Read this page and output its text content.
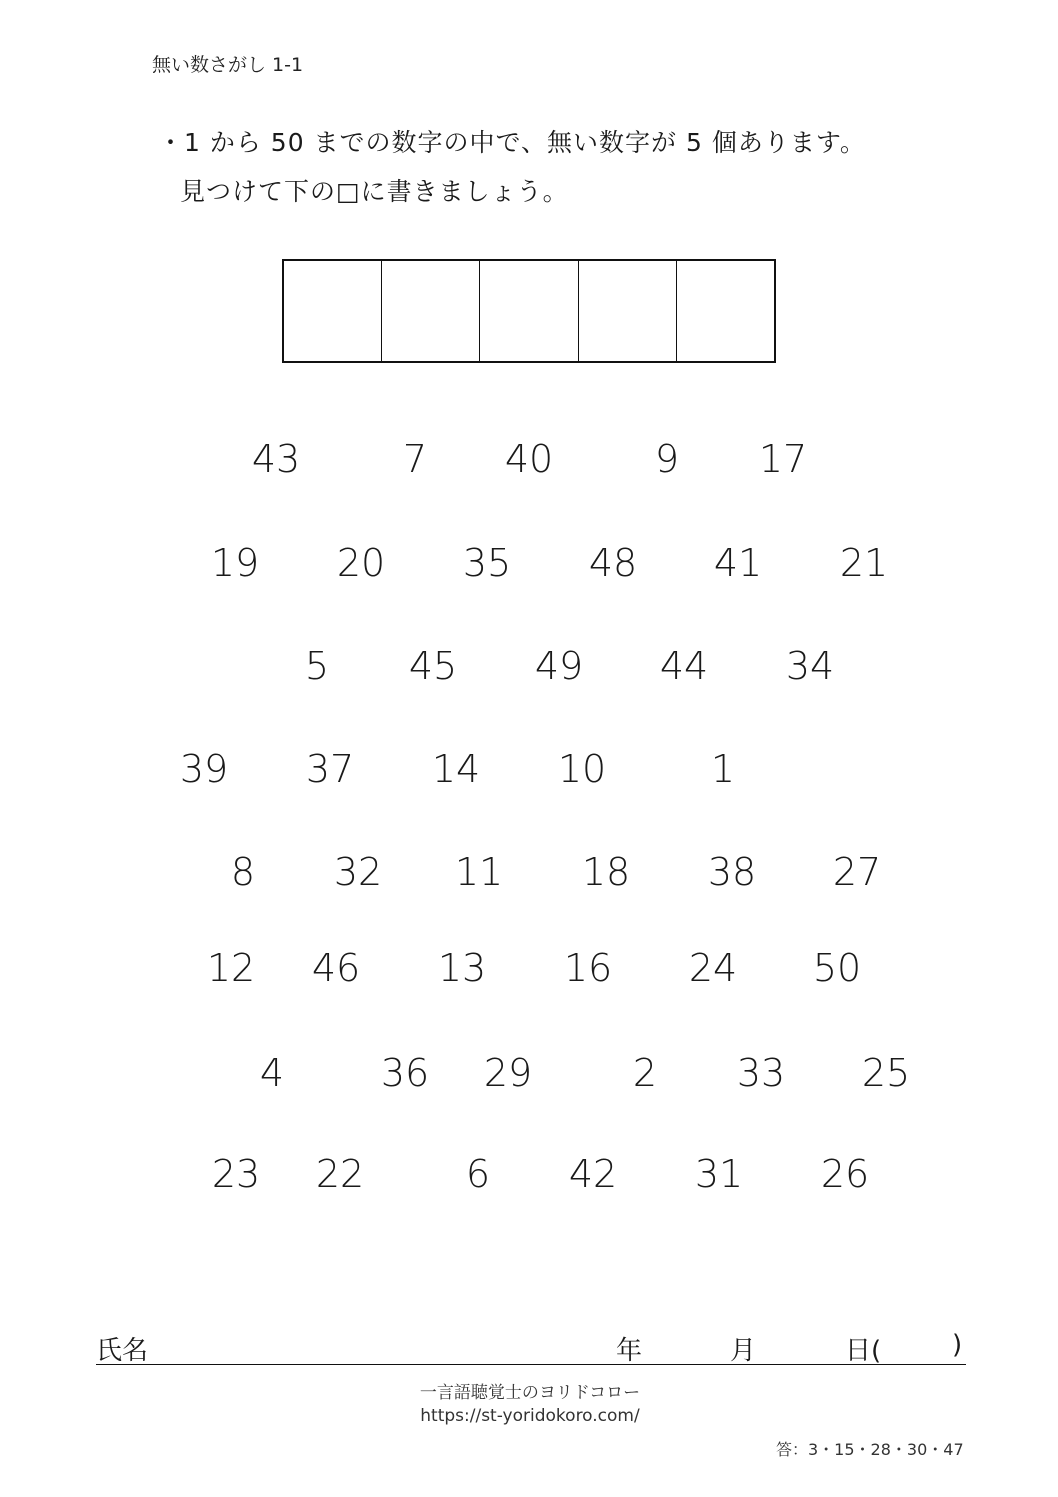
無い数さがし 1-1
・1 から 50 までの数字の中で、無い数字が 5 個あります。
見つけて下の□に書きましょう。
43	7 40	9 17
19 20 35 48 41 21
5 45 49 44 34
39 37 14 10	1
8 32 11 18 38 27
12 46 13 16 24 50
4	36 29	2 33 25
23 22	6 42 31 26
氏名	年	月	日(	)
一言語聴覚士のヨリドコロー
https://st-yoridokoro.com/
答：3・15・28・30・47
